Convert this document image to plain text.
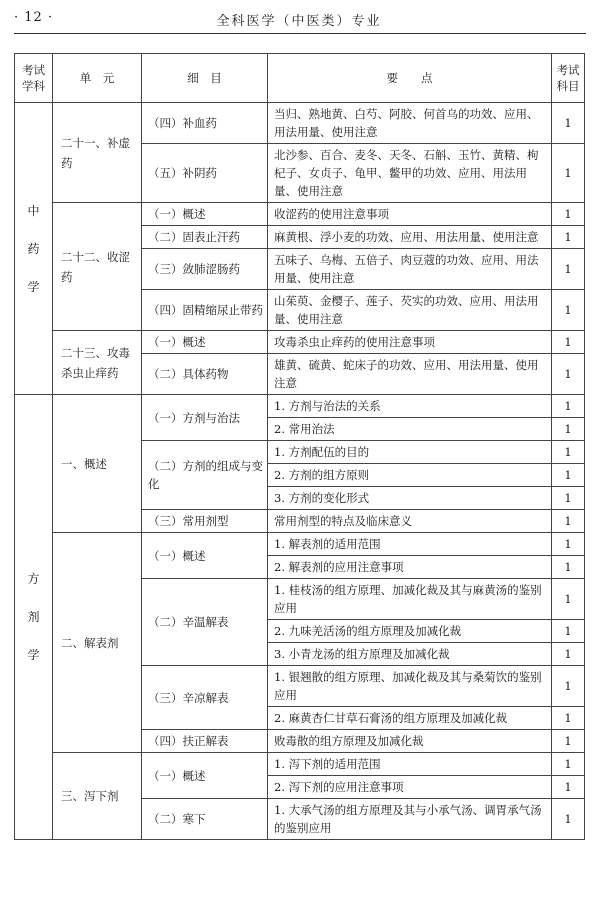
· 12 ·	全科医学（中医类）专业
考试学科	单　元	细　目	要　　点	考试科目

中药学	二十一、补虚药	（四）补血药	当归、熟地黄、白芍、阿胶、何首乌的功效、应用、用法用量、使用注意	1
		（五）补阴药	北沙参、百合、麦冬、天冬、石斛、玉竹、黄精、枸杞子、女贞子、龟甲、鳖甲的功效、应用、用法用量、使用注意	1
	二十二、收涩药	（一）概述	收涩药的使用注意事项	1
		（二）固表止汗药	麻黄根、浮小麦的功效、应用、用法用量、使用注意	1
		（三）敛肺涩肠药	五味子、乌梅、五倍子、肉豆蔻的功效、应用、用法用量、使用注意	1
		（四）固精缩尿止带药	山茱萸、金樱子、莲子、芡实的功效、应用、用法用量、使用注意	1
	二十三、攻毒杀虫止痒药	（一）概述	攻毒杀虫止痒药的使用注意事项	1
		（二）具体药物	雄黄、硫黄、蛇床子的功效、应用、用法用量、使用注意	1

方剂学	一、概述	（一）方剂与治法	1. 方剂与治法的关系	1
			2. 常用治法	1
		（二）方剂的组成与变化	1. 方剂配伍的目的	1
			2. 方剂的组方原则	1
			3. 方剂的变化形式	1
		（三）常用剂型	常用剂型的特点及临床意义	1
	二、解表剂	（一）概述	1. 解表剂的适用范围	1
			2. 解表剂的应用注意事项	1
		（二）辛温解表	1. 桂枝汤的组方原理、加减化裁及其与麻黄汤的鉴别应用	1
			2. 九味羌活汤的组方原理及加减化裁	1
			3. 小青龙汤的组方原理及加减化裁	1
		（三）辛凉解表	1. 银翘散的组方原理、加减化裁及其与桑菊饮的鉴别应用	1
			2. 麻黄杏仁甘草石膏汤的组方原理及加减化裁	1
		（四）扶正解表	败毒散的组方原理及加减化裁	1
	三、泻下剂	（一）概述	1. 泻下剂的适用范围	1
			2. 泻下剂的应用注意事项	1
		（二）寒下	1. 大承气汤的组方原理及其与小承气汤、调胃承气汤的鉴别应用	1
